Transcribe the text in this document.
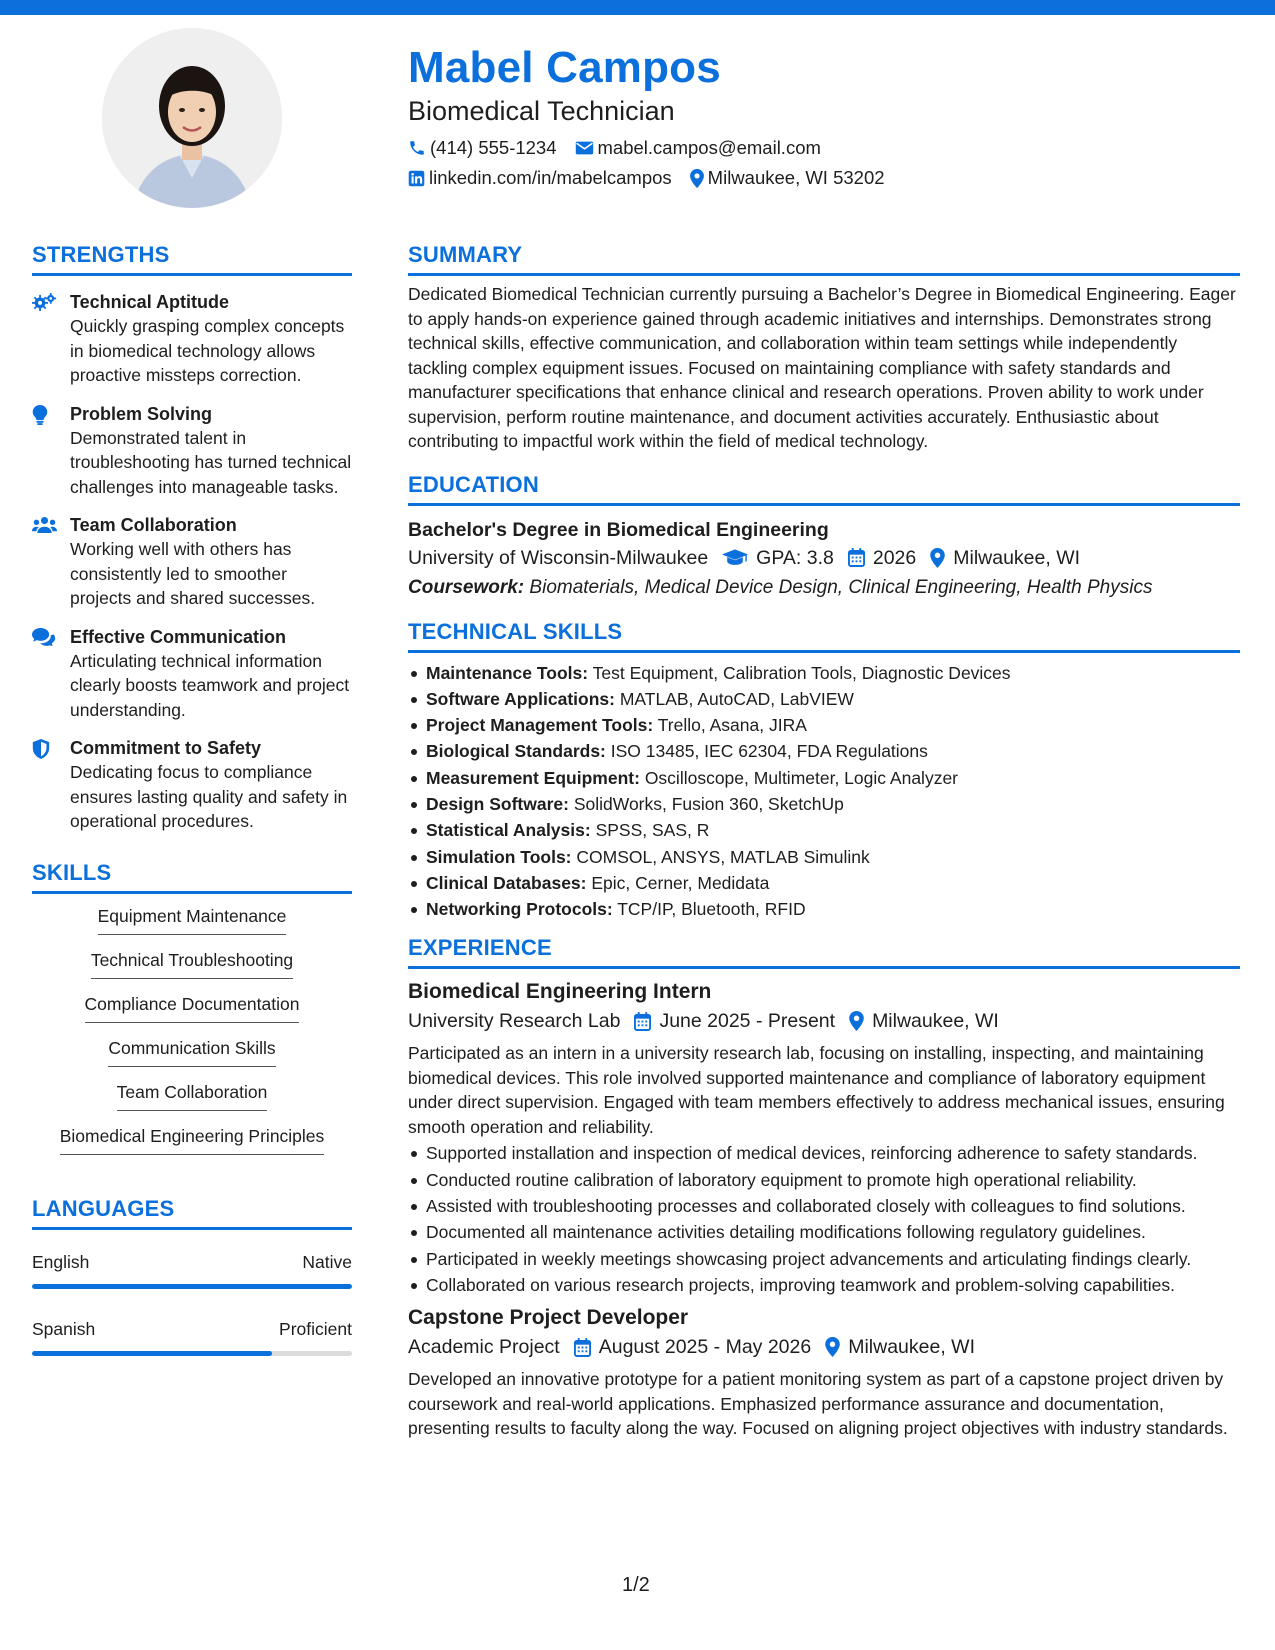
Mabel Campos
Biomedical Technician
(414) 555-1234 mabel.campos@email.com
linkedin.com/in/mabelcampos Milwaukee, WI 53202
STRENGTHS
Technical Aptitude
Quickly grasping complex concepts in biomedical technology allows proactive missteps correction.
Problem Solving
Demonstrated talent in troubleshooting has turned technical challenges into manageable tasks.
Team Collaboration
Working well with others has consistently led to smoother projects and shared successes.
Effective Communication
Articulating technical information clearly boosts teamwork and project understanding.
Commitment to Safety
Dedicating focus to compliance ensures lasting quality and safety in operational procedures.
SKILLS
Equipment Maintenance
Technical Troubleshooting
Compliance Documentation
Communication Skills
Team Collaboration
Biomedical Engineering Principles
LANGUAGES
English	Native
Spanish	Proficient
SUMMARY
Dedicated Biomedical Technician currently pursuing a Bachelor’s Degree in Biomedical Engineering. Eager to apply hands-on experience gained through academic initiatives and internships. Demonstrates strong technical skills, effective communication, and collaboration within team settings while independently tackling complex equipment issues. Focused on maintaining compliance with safety standards and manufacturer specifications that enhance clinical and research operations. Proven ability to work under supervision, perform routine maintenance, and document activities accurately. Enthusiastic about contributing to impactful work within the field of medical technology.
EDUCATION
Bachelor's Degree in Biomedical Engineering
University of Wisconsin-Milwaukee GPA: 3.8 2026 Milwaukee, WI
Coursework: Biomaterials, Medical Device Design, Clinical Engineering, Health Physics
TECHNICAL SKILLS
Maintenance Tools: Test Equipment, Calibration Tools, Diagnostic Devices
Software Applications: MATLAB, AutoCAD, LabVIEW
Project Management Tools: Trello, Asana, JIRA
Biological Standards: ISO 13485, IEC 62304, FDA Regulations
Measurement Equipment: Oscilloscope, Multimeter, Logic Analyzer
Design Software: SolidWorks, Fusion 360, SketchUp
Statistical Analysis: SPSS, SAS, R
Simulation Tools: COMSOL, ANSYS, MATLAB Simulink
Clinical Databases: Epic, Cerner, Medidata
Networking Protocols: TCP/IP, Bluetooth, RFID
EXPERIENCE
Biomedical Engineering Intern
University Research Lab June 2025 - Present Milwaukee, WI
Participated as an intern in a university research lab, focusing on installing, inspecting, and maintaining biomedical devices. This role involved supported maintenance and compliance of laboratory equipment under direct supervision. Engaged with team members effectively to address mechanical issues, ensuring smooth operation and reliability.
Supported installation and inspection of medical devices, reinforcing adherence to safety standards.
Conducted routine calibration of laboratory equipment to promote high operational reliability.
Assisted with troubleshooting processes and collaborated closely with colleagues to find solutions.
Documented all maintenance activities detailing modifications following regulatory guidelines.
Participated in weekly meetings showcasing project advancements and articulating findings clearly.
Collaborated on various research projects, improving teamwork and problem-solving capabilities.
Capstone Project Developer
Academic Project August 2025 - May 2026 Milwaukee, WI
Developed an innovative prototype for a patient monitoring system as part of a capstone project driven by coursework and real-world applications. Emphasized performance assurance and documentation, presenting results to faculty along the way. Focused on aligning project objectives with industry standards.
1/2
